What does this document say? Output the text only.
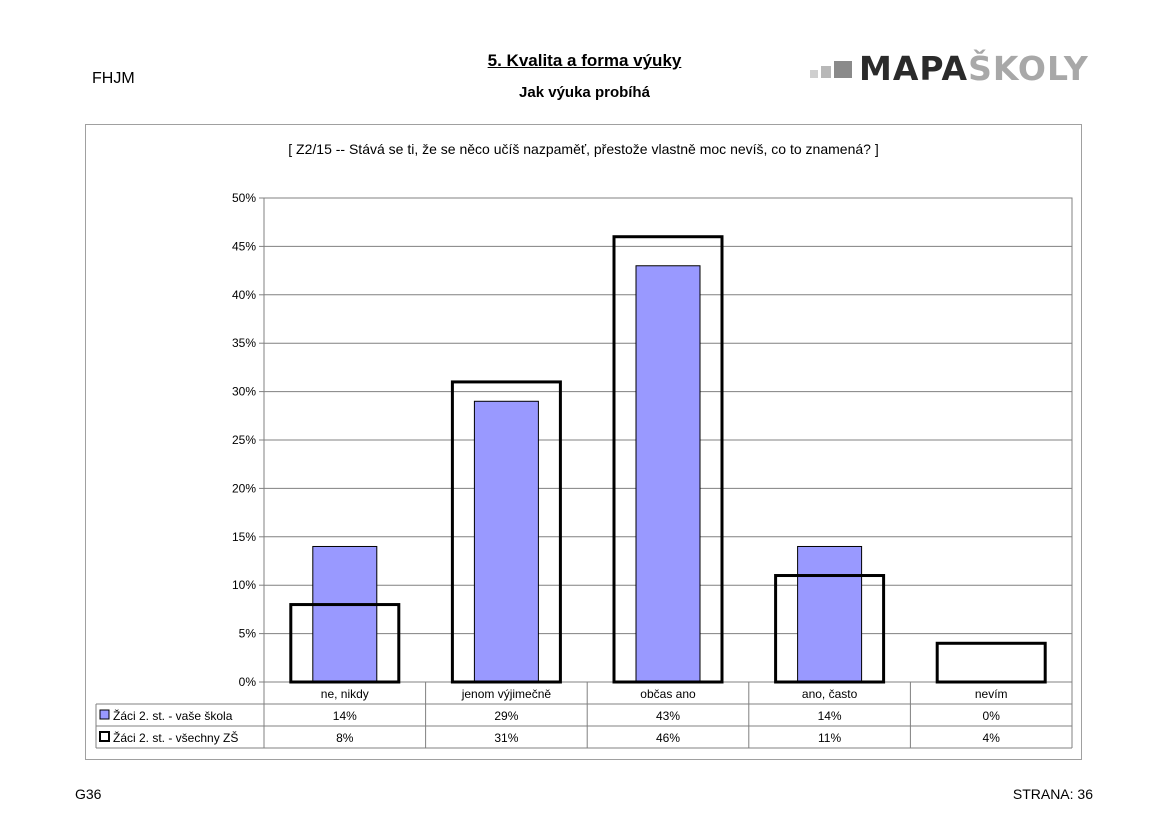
FHJM
5. Kvalita a forma výuky
Jak výuka probíhá
MAPA ŠKOLY
[ Z2/15 -- Stává se ti, že se něco učíš nazpaměť, přestože vlastně moc nevíš, co to znamená? ]
0%
5%
10%
15%
20%
25%
30%
35%
40%
45%
50%
ne, nikdy	jenom výjimečně	občas ano	ano, často	nevím
Žáci 2. st. - vaše škola	14%	29%	43%	14%	0%
Žáci 2. st. - všechny ZŠ	8%	31%	46%	11%	4%
G36	STRANA: 36
